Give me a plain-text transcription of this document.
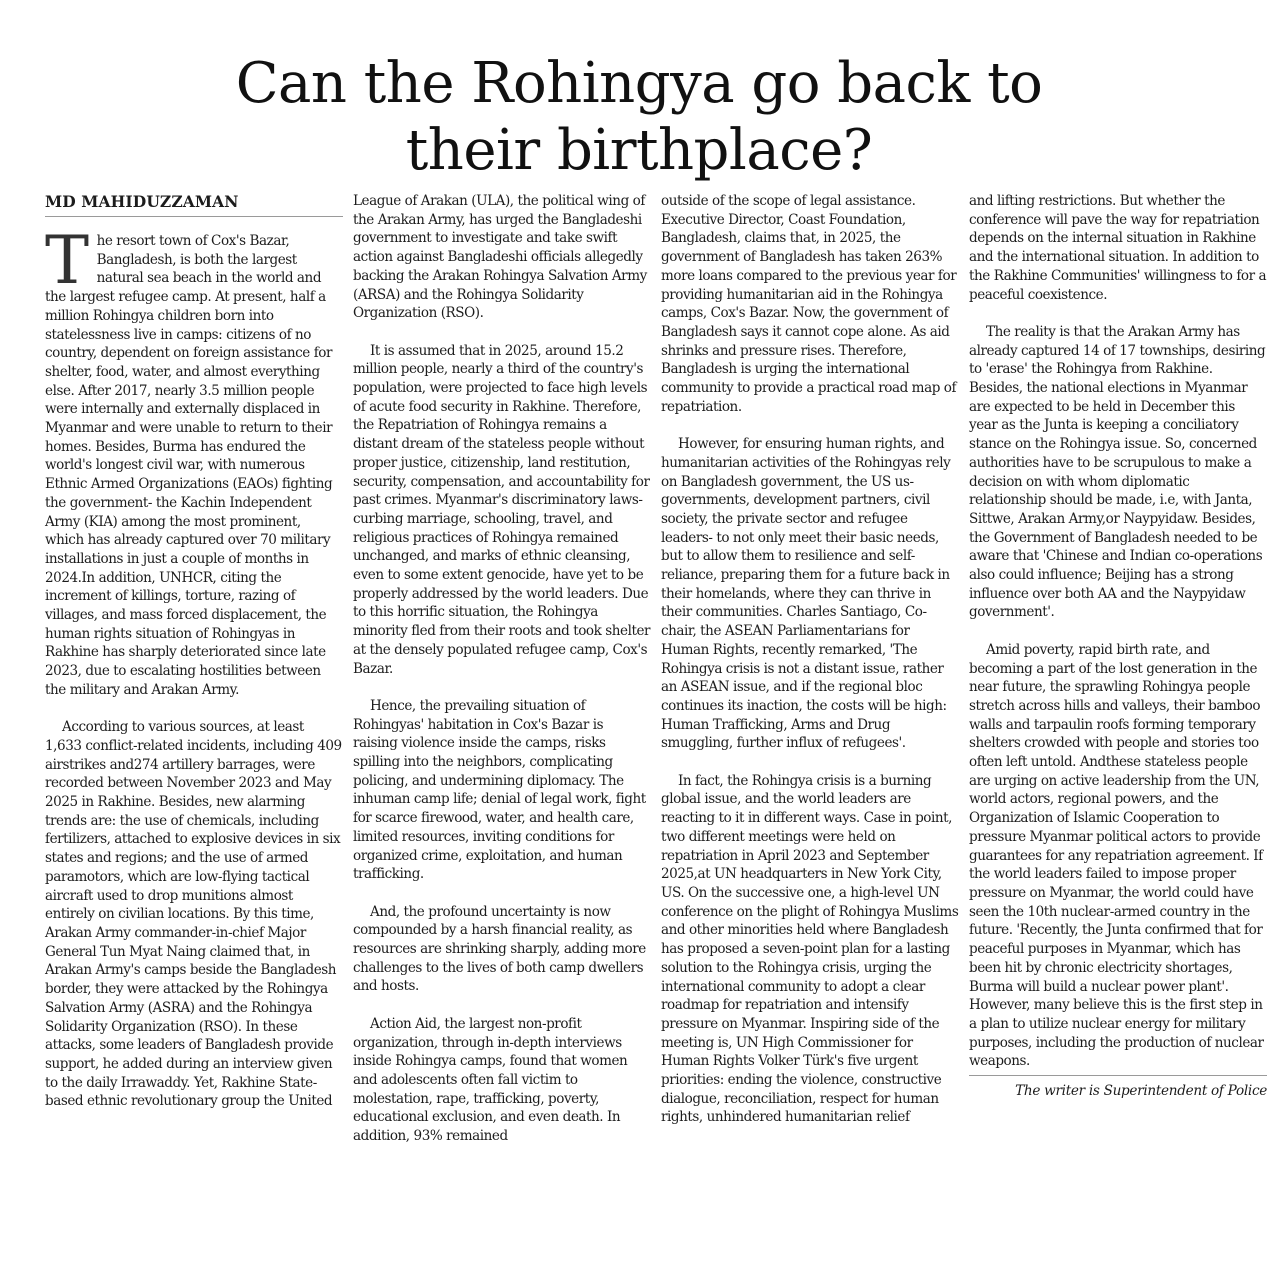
Can the Rohingya go back to
their birthplace?
MD MAHIDUZZAMAN

The resort town of Cox's Bazar, Bangladesh, is both the largest natural sea beach in the world and the largest refugee camp. At present, half a million Rohingya children born into statelessness live in camps: citizens of no country, dependent on foreign assistance for shelter, food, water, and almost everything else. After 2017, nearly 3.5 million people were internally and externally displaced in Myanmar and were unable to return to their homes. Besides, Burma has endured the world's longest civil war, with numerous Ethnic Armed Organizations (EAOs) fighting the government- the Kachin Independent Army (KIA) among the most prominent, which has already captured over 70 military installations in just a couple of months in 2024.In addition, UNHCR, citing the increment of killings, torture, razing of villages, and mass forced displacement, the human rights situation of Rohingyas in Rakhine has sharply deteriorated since late 2023, due to escalating hostilities between the military and Arakan Army.

According to various sources, at least 1,633 conflict-related incidents, including 409 airstrikes and274 artillery barrages, were recorded between November 2023 and May 2025 in Rakhine. Besides, new alarming trends are: the use of chemicals, including fertilizers, attached to explosive devices in six states and regions; and the use of armed paramotors, which are low-flying tactical aircraft used to drop munitions almost entirely on civilian locations. By this time, Arakan Army commander-in-chief Major General Tun Myat Naing claimed that, in Arakan Army's camps beside the Bangladesh border, they were attacked by the Rohingya Salvation Army (ASRA) and the Rohingya Solidarity Organization (RSO). In these attacks, some leaders of Bangladesh provide support, he added during an interview given to the daily Irrawaddy. Yet, Rakhine State-based ethnic revolutionary group the United

League of Arakan (ULA), the political wing of the Arakan Army, has urged the Bangladeshi government to investigate and take swift action against Bangladeshi officials allegedly backing the Arakan Rohingya Salvation Army (ARSA) and the Rohingya Solidarity Organization (RSO).

It is assumed that in 2025, around 15.2 million people, nearly a third of the country's population, were projected to face high levels of acute food security in Rakhine. Therefore, the Repatriation of Rohingya remains a distant dream of the stateless people without proper justice, citizenship, land restitution, security, compensation, and accountability for past crimes. Myanmar's discriminatory laws- curbing marriage, schooling, travel, and religious practices of Rohingya remained unchanged, and marks of ethnic cleansing, even to some extent genocide, have yet to be properly addressed by the world leaders. Due to this horrific situation, the Rohingya minority fled from their roots and took shelter at the densely populated refugee camp, Cox's Bazar.

Hence, the prevailing situation of Rohingyas' habitation in Cox's Bazar is raising violence inside the camps, risks spilling into the neighbors, complicating policing, and undermining diplomacy. The inhuman camp life; denial of legal work, fight for scarce firewood, water, and health care, limited resources, inviting conditions for organized crime, exploitation, and human trafficking.

And, the profound uncertainty is now compounded by a harsh financial reality, as resources are shrinking sharply, adding more challenges to the lives of both camp dwellers and hosts.

Action Aid, the largest non-profit organization, through in-depth interviews inside Rohingya camps, found that women and adolescents often fall victim to molestation, rape, trafficking, poverty, educational exclusion, and even death. In addition, 93% remained

outside of the scope of legal assistance. Executive Director, Coast Foundation, Bangladesh, claims that, in 2025, the government of Bangladesh has taken 263% more loans compared to the previous year for providing humanitarian aid in the Rohingya camps, Cox's Bazar. Now, the government of Bangladesh says it cannot cope alone. As aid shrinks and pressure rises. Therefore, Bangladesh is urging the international community to provide a practical road map of repatriation.

However, for ensuring human rights, and humanitarian activities of the Rohingyas rely on Bangladesh government, the US us-governments, development partners, civil society, the private sector and refugee leaders- to not only meet their basic needs, but to allow them to resilience and self-reliance, preparing them for a future back in their homelands, where they can thrive in their communities. Charles Santiago, Co-chair, the ASEAN Parliamentarians for Human Rights, recently remarked, 'The Rohingya crisis is not a distant issue, rather an ASEAN issue, and if the regional bloc continues its inaction, the costs will be high: Human Trafficking, Arms and Drug smuggling, further influx of refugees'.

In fact, the Rohingya crisis is a burning global issue, and the world leaders are reacting to it in different ways. Case in point, two different meetings were held on repatriation in April 2023 and September 2025,at UN headquarters in New York City, US. On the successive one, a high-level UN conference on the plight of Rohingya Muslims and other minorities held where Bangladesh has proposed a seven-point plan for a lasting solution to the Rohingya crisis, urging the international community to adopt a clear roadmap for repatriation and intensify pressure on Myanmar. Inspiring side of the meeting is, UN High Commissioner for Human Rights Volker Türk's five urgent priorities: ending the violence, constructive dialogue, reconciliation, respect for human rights, unhindered humanitarian relief

and lifting restrictions. But whether the conference will pave the way for repatriation depends on the internal situation in Rakhine and the international situation. In addition to the Rakhine Communities' willingness to for a peaceful coexistence.

The reality is that the Arakan Army has already captured 14 of 17 townships, desiring to 'erase' the Rohingya from Rakhine. Besides, the national elections in Myanmar are expected to be held in December this year as the Junta is keeping a conciliatory stance on the Rohingya issue. So, concerned authorities have to be scrupulous to make a decision on with whom diplomatic relationship should be made, i.e, with Janta, Sittwe, Arakan Army,or Naypyidaw. Besides, the Government of Bangladesh needed to be aware that 'Chinese and Indian co-operations also could influence; Beijing has a strong influence over both AA and the Naypyidaw government'.

Amid poverty, rapid birth rate, and becoming a part of the lost generation in the near future, the sprawling Rohingya people stretch across hills and valleys, their bamboo walls and tarpaulin roofs forming temporary shelters crowded with people and stories too often left untold. Andthese stateless people are urging on active leadership from the UN, world actors, regional powers, and the Organization of Islamic Cooperation to pressure Myanmar political actors to provide guarantees for any repatriation agreement. If the world leaders failed to impose proper pressure on Myanmar, the world could have seen the 10th nuclear-armed country in the future. 'Recently, the Junta confirmed that for peaceful purposes in Myanmar, which has been hit by chronic electricity shortages, Burma will build a nuclear power plant'. However, many believe this is the first step in a plan to utilize nuclear energy for military purposes, including the production of nuclear weapons.

The writer is Superintendent of Police
